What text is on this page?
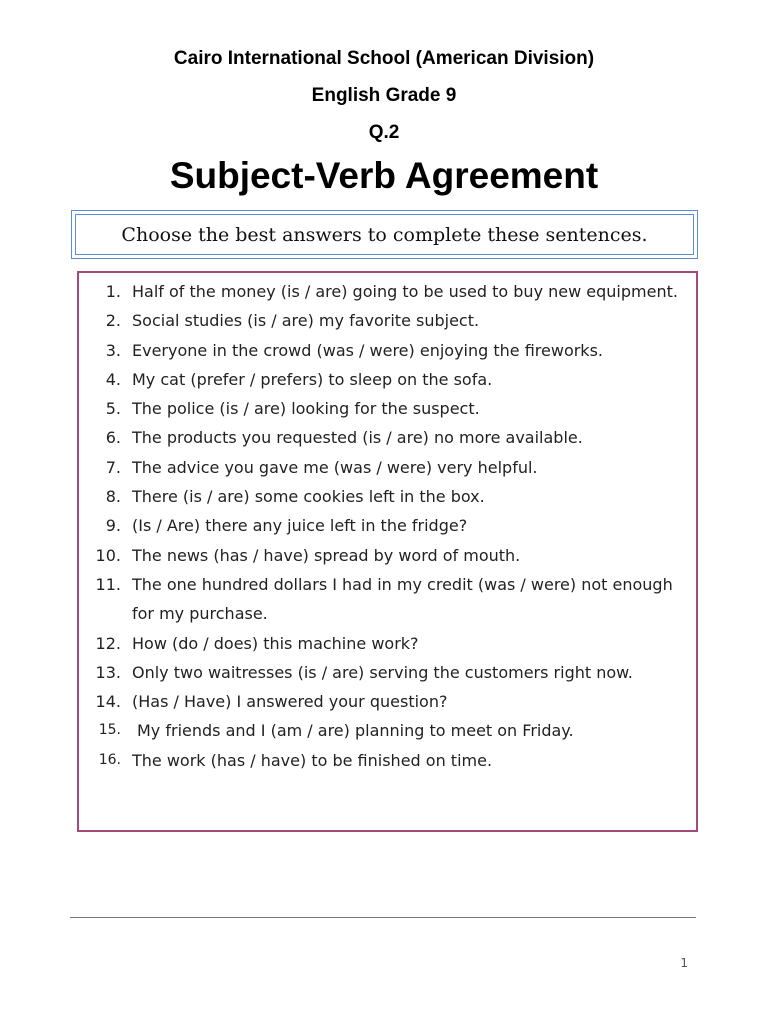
Cairo International School (American Division)
English Grade 9
Q.2
Subject-Verb Agreement
Choose the best answers to complete these sentences.
1. Half of the money (is / are) going to be used to buy new equipment.
2. Social studies (is / are) my favorite subject.
3. Everyone in the crowd (was / were) enjoying the fireworks.
4. My cat (prefer / prefers) to sleep on the sofa.
5. The police (is / are) looking for the suspect.
6. The products you requested (is / are) no more available.
7. The advice you gave me (was / were) very helpful.
8. There (is / are) some cookies left in the box.
9. (Is / Are) there any juice left in the fridge?
10. The news (has / have) spread by word of mouth.
11. The one hundred dollars I had in my credit (was / were) not enough for my purchase.
12. How (do / does) this machine work?
13. Only two waitresses (is / are) serving the customers right now.
14. (Has / Have) I answered your question?
15. My friends and I (am / are) planning to meet on Friday.
16. The work (has / have) to be finished on time.
1
